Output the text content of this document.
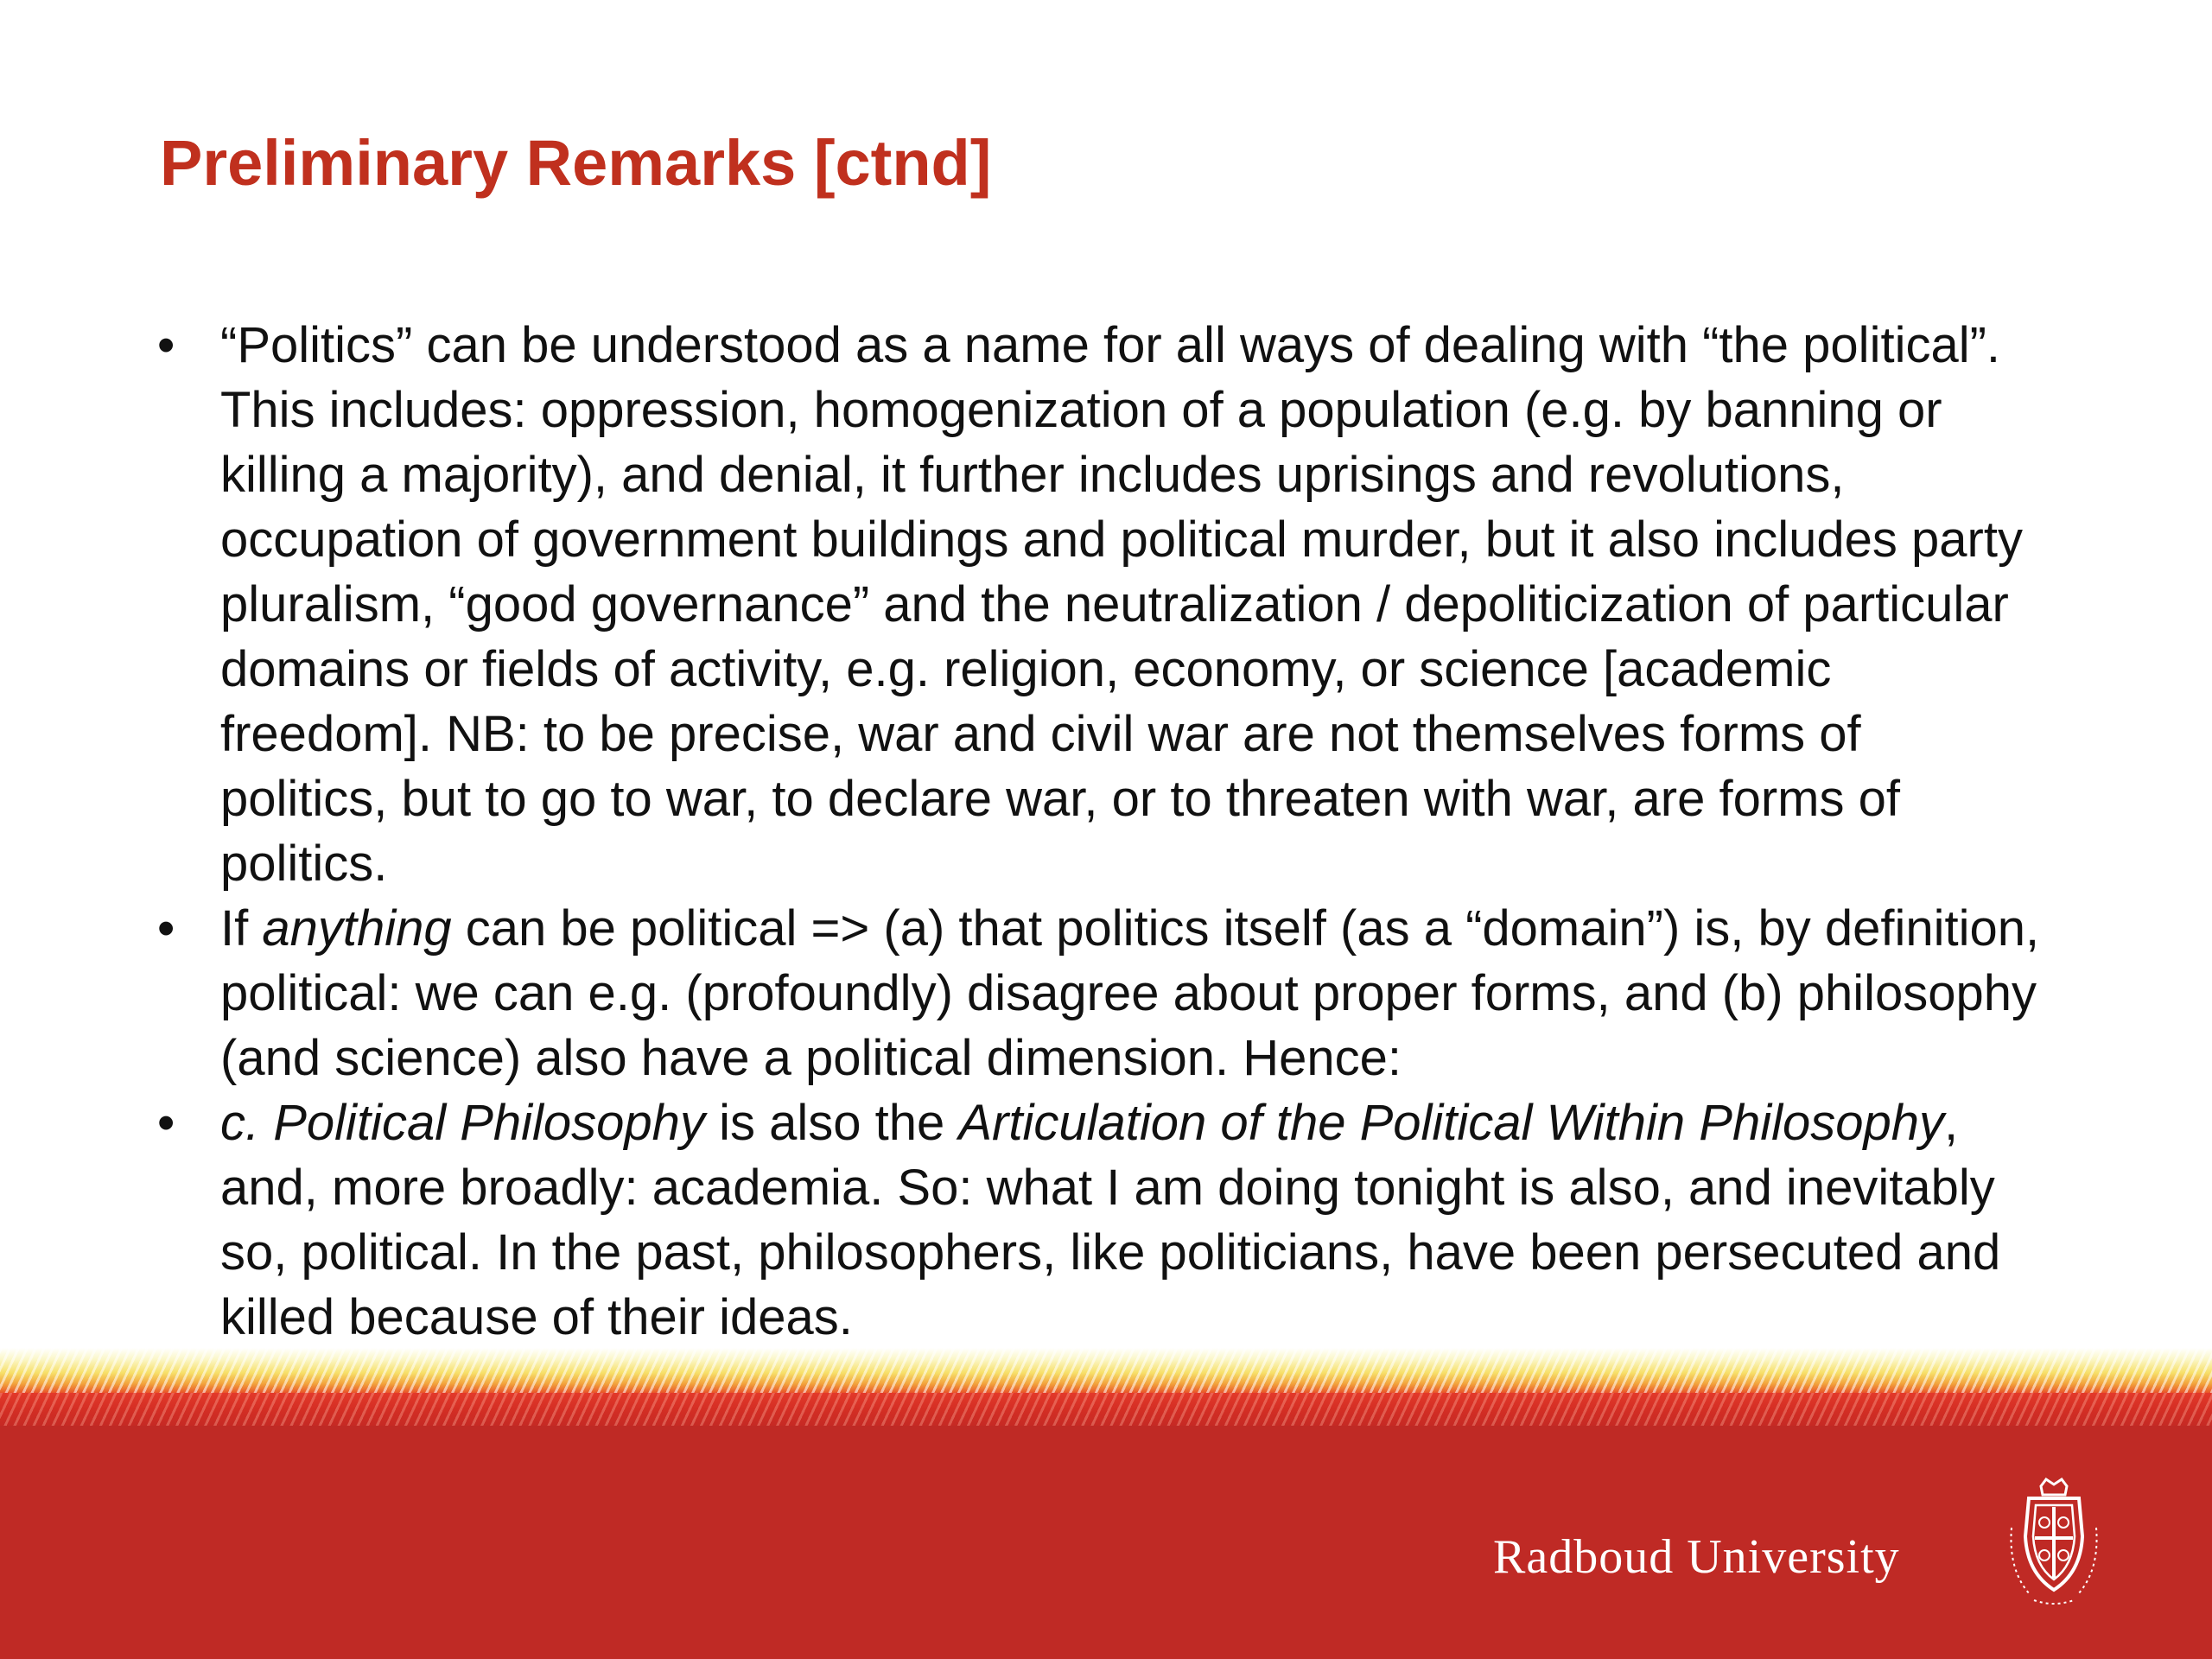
Preliminary Remarks [ctnd]
• “Politics” can be understood as a name for all ways of dealing with “the political”. This includes: oppression, homogenization of a population (e.g. by banning or killing a majority), and denial, it further includes uprisings and revolutions, occupation of government buildings and political murder, but it also includes party pluralism, “good governance” and the neutralization / depoliticization of particular domains or fields of activity, e.g. religion, economy, or science [academic freedom]. NB: to be precise, war and civil war are not themselves forms of politics, but to go to war, to declare war, or to threaten with war, are forms of politics.
• If anything can be political => (a) that politics itself (as a “domain”) is, by definition, political: we can e.g. (profoundly) disagree about proper forms, and (b) philosophy (and science) also have a political dimension. Hence:
• c. Political Philosophy is also the Articulation of the Political Within Philosophy, and, more broadly: academia. So: what I am doing tonight is also, and inevitably so, political. In the past, philosophers, like politicians, have been persecuted and killed because of their ideas.
Radboud University
